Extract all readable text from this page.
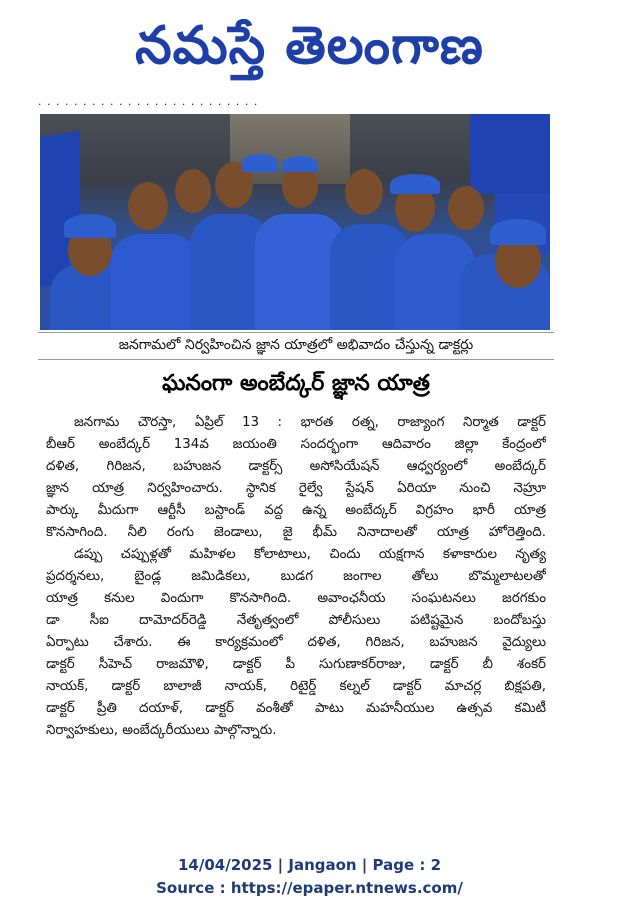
నమస్తే తెలంగాణ
. . . . . . . . . . . . . . . . . . . . . . . . .
జనగామలో నిర్వహించిన జ్ఞాన యాత్రలో అభివాదం చేస్తున్న డాక్టర్లు
ఘనంగా అంబేద్కర్ జ్ఞాన యాత్ర
జనగామ చౌరస్తా, ఏప్రిల్ 13 : భారత రత్న, రాజ్యాంగ నిర్మాత డాక్టర్
బీఆర్ అంబేద్కర్ 134వ జయంతి సందర్భంగా ఆదివారం జిల్లా కేంద్రంలో
దళిత, గిరిజన, బహుజన డాక్టర్స్ అసోసియేషన్ ఆధ్వర్యంలో అంబేద్కర్
జ్ఞాన యాత్ర నిర్వహించారు. స్థానిక రైల్వే స్టేషన్ ఏరియా నుంచి నెహ్రూ
పార్కు మీదుగా ఆర్టీసీ బస్టాండ్ వద్ద ఉన్న అంబేద్కర్ విగ్రహం భారీ యాత్ర
కొనసాగింది. నీలి రంగు జెండాలు, జై భీమ్ నినాదాలతో యాత్ర హోరెత్తింది.
డప్పు చప్పుళ్లతో మహిళల కోలాటాలు, చిందు యక్షగాన కళాకారుల నృత్య
ప్రదర్శనలు, బైండ్ల జమిడికలు, బుడగ జంగాల తోలు బొమ్మలాటలతో
యాత్ర కనుల విందుగా కొనసాగింది. అవాంఛనీయ సంఘటనలు జరగకుం
డా సీఐ దామోదర్‌రెడ్డి నేతృత్వంలో పోలీసులు పటిష్టమైన బందోబస్తు
ఏర్పాటు చేశారు. ఈ కార్యక్రమంలో దళిత, గిరిజన, బహుజన వైద్యులు
డాక్టర్ సీహెచ్ రాజమౌళి, డాక్టర్ పీ సుగుణాకర్‌రాజు, డాక్టర్ బీ శంకర్
నాయక్, డాక్టర్ బాలాజీ నాయక్, రిటైర్డ్ కల్నల్ డాక్టర్ మాచర్ల బిక్షపతి,
డాక్టర్ ప్రీతి దయాళ్, డాక్టర్ వంశీతో పాటు మహనీయుల ఉత్సవ కమిటీ
నిర్వాహకులు, అంబేద్కరీయులు పాల్గొన్నారు.
14/04/2025 | Jangaon | Page : 2
Source : https://epaper.ntnews.com/
